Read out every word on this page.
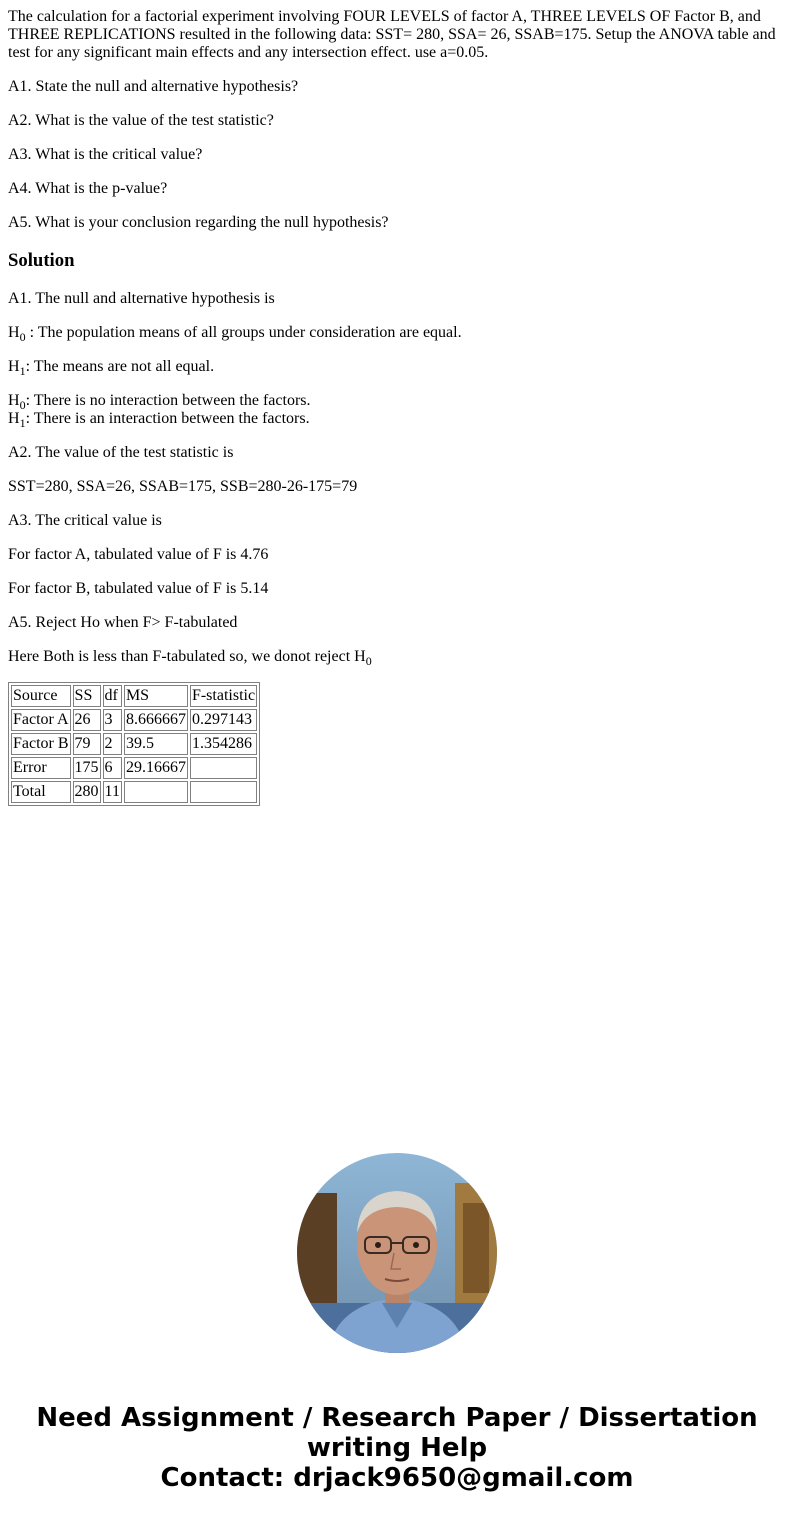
The calculation for a factorial experiment involving FOUR LEVELS of factor A, THREE LEVELS OF Factor B, and THREE REPLICATIONS resulted in the following data: SST= 280, SSA= 26, SSAB=175. Setup the ANOVA table and test for any significant main effects and any intersection effect. use a=0.05.

A1. State the null and alternative hypothesis?

A2. What is the value of the test statistic?

A3. What is the critical value?

A4. What is the p-value?

A5. What is your conclusion regarding the null hypothesis?

Solution

A1. The null and alternative hypothesis is

$H_0$ : The population means of all groups under consideration are equal.

$H_1$: The means are not all equal.

$H_0$: There is no interaction between the factors.
$H_1$: There is an interaction between the factors.

A2. The value of the test statistic is

SST=280, SSA=26, SSAB=175, SSB=280-26-175=79

A3. The critical value is

For factor A, tabulated value of F is 4.76

For factor B, tabulated value of F is 5.14

A5. Reject Ho when F> F-tabulated

Here Both is less than F-tabulated so, we donot reject $H_0$

Source	SS	df	MS	F-statistic
Factor A	26	3	8.666667	0.297143
Factor B	79	2	39.5	1.354286
Error	175	6	29.16667	
Total	280	11		
Need Assignment / Research Paper / Dissertation
writing Help
Contact: drjack9650@gmail.com
